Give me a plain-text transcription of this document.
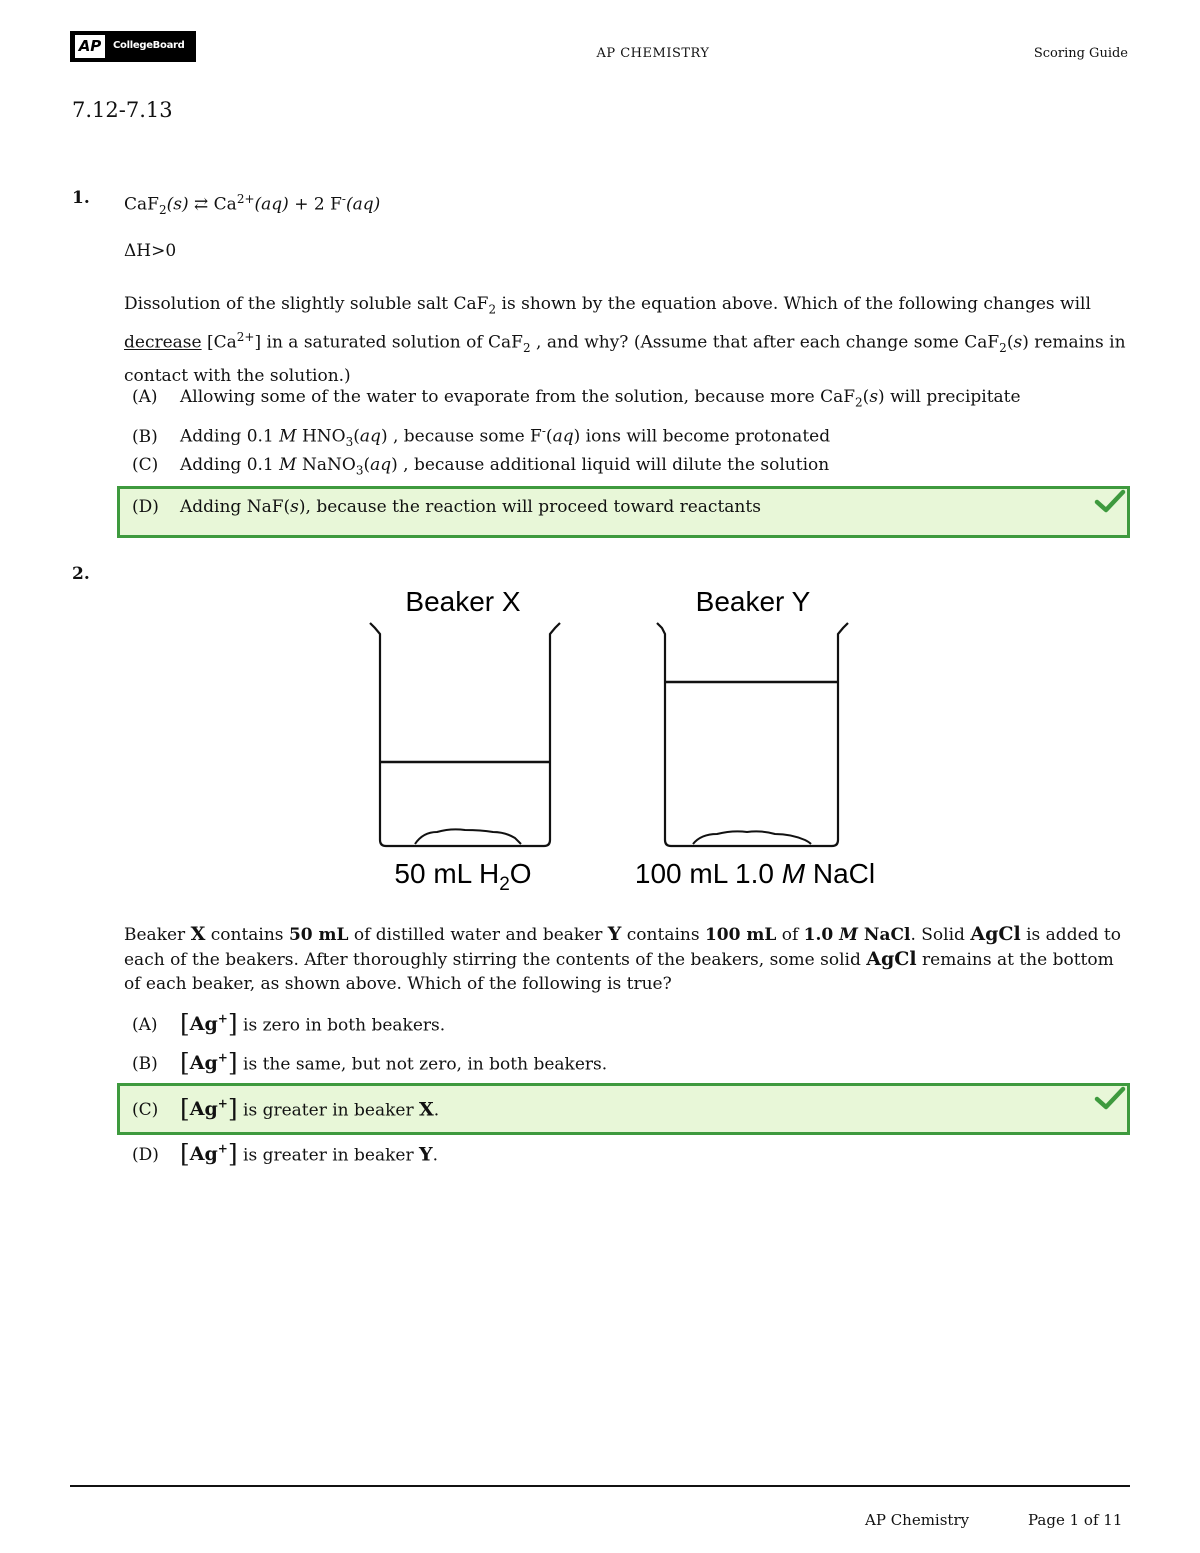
AP	CollegeBoard
AP CHEMISTRY	Scoring Guide
7.12-7.13
1. CaF$_2$(s) ⇄ $Ca^{2+}(aq) + 2$ F-(aq)
ΔH>0
Dissolution of the slightly soluble salt CaF$_2$ is shown by the equation above. Which of the following changes will decrease $[Ca^{2+}]$ in a saturated solution of CaF$_2$ , and why? (Assume that after each change some CaF$_2$(s) remains in contact with the solution.)
(A) Allowing some of the water to evaporate from the solution, because more CaF$_2$(s) will precipitate
(B) Adding 0.1 M $HNO_3(aq)$ , because some F-(aq) ions will become protonated
(C) Adding 0.1 M NaNO$_3$(aq) , because additional liquid will dilute the solution
(D) Adding NaF(s), because the reaction will proceed toward reactants
2.
Beaker X	Beaker Y
50 mL $H_2O$	100 mL 1.0 M NaCl
Beaker X contains 50 mL of distilled water and beaker Y contains 100 mL of 1.0 M NaCl. Solid AgCl is added to each of the beakers. After thoroughly stirring the contents of the beakers, some solid AgCl remains at the bottom of each beaker, as shown above. Which of the following is true?
(A) [Ag+] is zero in both beakers.
(B) [Ag+] is the same, but not zero, in both beakers.
(C) [Ag+] is greater in beaker X.
(D) [Ag+] is greater in beaker Y.
AP Chemistry	Page 1 of 11
